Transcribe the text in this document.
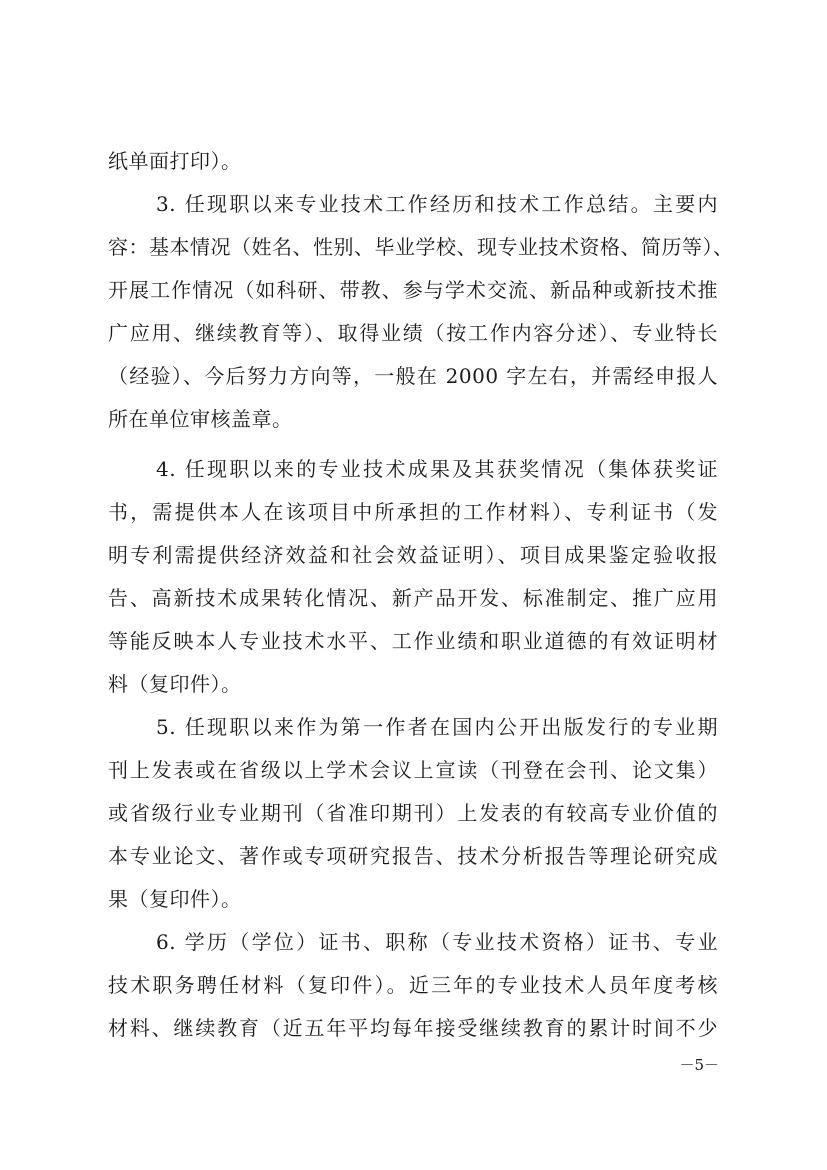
纸单面打印）。
3. 任现职以来专业技术工作经历和技术工作总结。主要内
容：基本情况（姓名、性别、毕业学校、现专业技术资格、简历等）、
开展工作情况（如科研、带教、参与学术交流、新品种或新技术推
广应用、继续教育等）、取得业绩（按工作内容分述）、专业特长
（经验）、今后努力方向等，一般在 2000 字左右，并需经申报人
所在单位审核盖章。
4. 任现职以来的专业技术成果及其获奖情况（集体获奖证
书，需提供本人在该项目中所承担的工作材料）、专利证书（发
明专利需提供经济效益和社会效益证明）、项目成果鉴定验收报
告、高新技术成果转化情况、新产品开发、标准制定、推广应用
等能反映本人专业技术水平、工作业绩和职业道德的有效证明材
料（复印件）。
5. 任现职以来作为第一作者在国内公开出版发行的专业期
刊上发表或在省级以上学术会议上宣读（刊登在会刊、论文集）
或省级行业专业期刊（省准印期刊）上发表的有较高专业价值的
本专业论文、著作或专项研究报告、技术分析报告等理论研究成
果（复印件）。
6. 学历（学位）证书、职称（专业技术资格）证书、专业
技术职务聘任材料（复印件）。近三年的专业技术人员年度考核
材料、继续教育（近五年平均每年接受继续教育的累计时间不少
－5－
